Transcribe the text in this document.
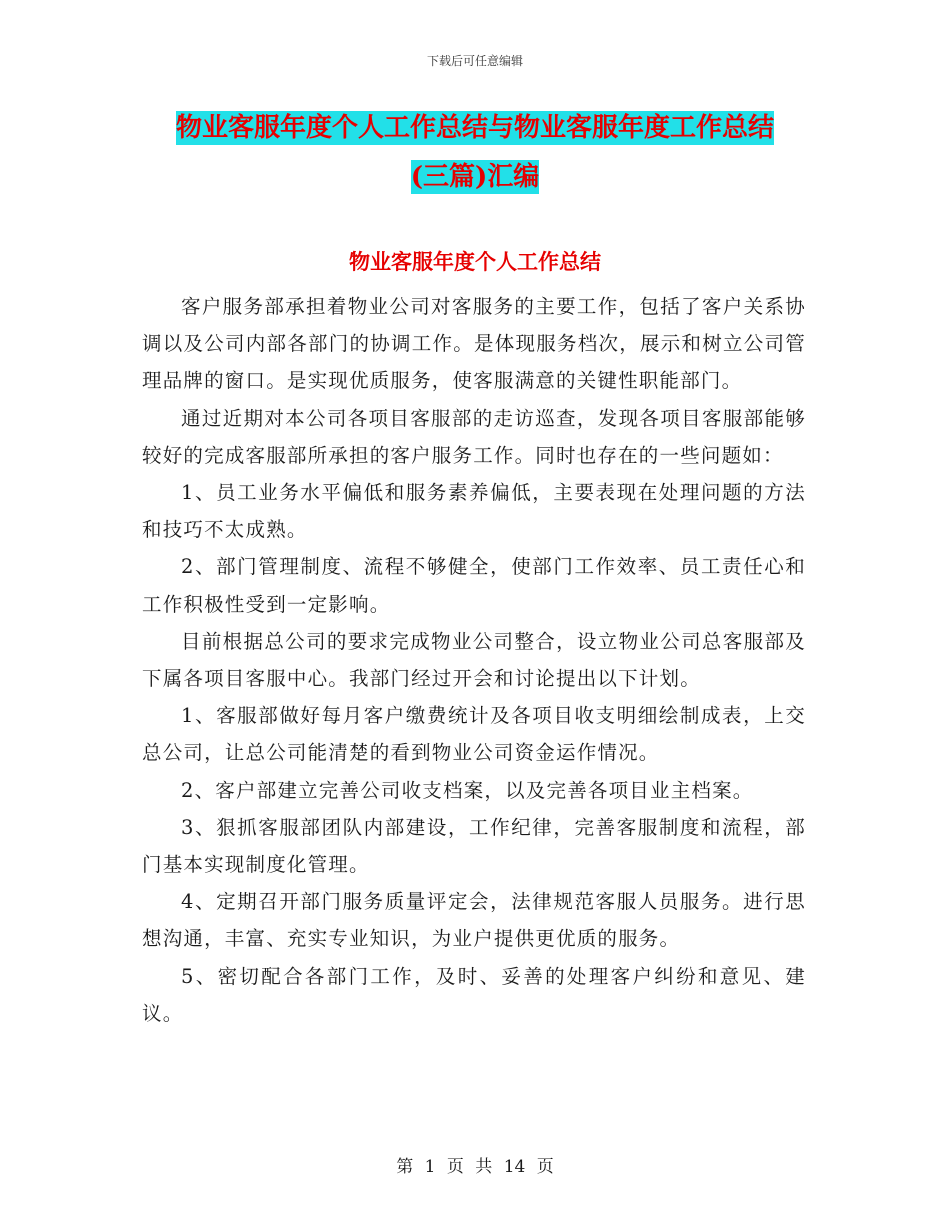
下载后可任意编辑
物业客服年度个人工作总结与物业客服年度工作总结
(三篇)汇编
物业客服年度个人工作总结

客户服务部承担着物业公司对客服务的主要工作，包括了客户关系协调以及公司内部各部门的协调工作。是体现服务档次，展示和树立公司管理品牌的窗口。是实现优质服务，使客服满意的关键性职能部门。

通过近期对本公司各项目客服部的走访巡查，发现各项目客服部能够较好的完成客服部所承担的客户服务工作。同时也存在的一些问题如：

1、员工业务水平偏低和服务素养偏低，主要表现在处理问题的方法和技巧不太成熟。

2、部门管理制度、流程不够健全，使部门工作效率、员工责任心和工作积极性受到一定影响。

目前根据总公司的要求完成物业公司整合，设立物业公司总客服部及下属各项目客服中心。我部门经过开会和讨论提出以下计划。

1、客服部做好每月客户缴费统计及各项目收支明细绘制成表，上交总公司，让总公司能清楚的看到物业公司资金运作情况。

2、客户部建立完善公司收支档案，以及完善各项目业主档案。

3、狠抓客服部团队内部建设，工作纪律，完善客服制度和流程，部门基本实现制度化管理。

4、定期召开部门服务质量评定会，法律规范客服人员服务。进行思想沟通，丰富、充实专业知识，为业户提供更优质的服务。

5、密切配合各部门工作，及时、妥善的处理客户纠纷和意见、建议。

第 1 页 共 14 页
